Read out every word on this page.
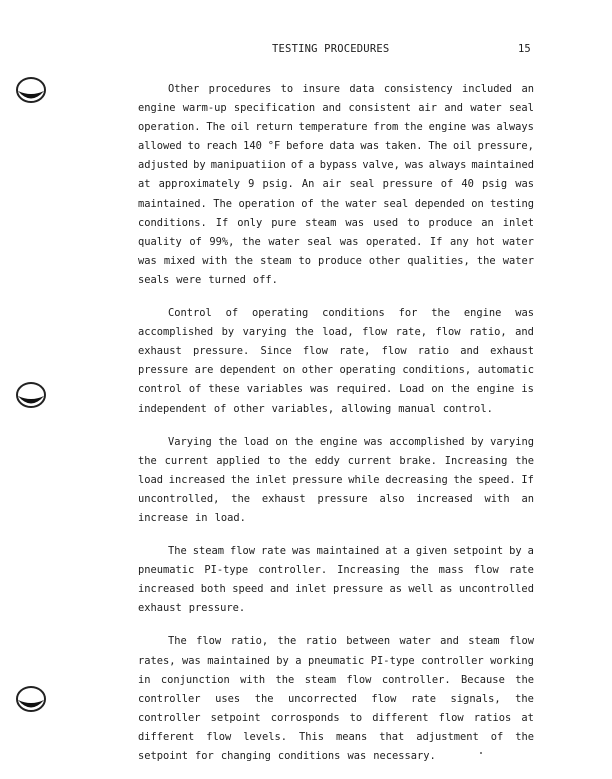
TESTING PROCEDURES	15
Other procedures to insure data consistency included an
engine warm-up specification and consistent air and water seal
operation. The oil return temperature from the engine was always
allowed to reach 140 °F before data was taken. The oil pressure,
adjusted by manipuatiion of a bypass valve, was always maintained
at approximately 9 psig. An air seal pressure of 40 psig was
maintained. The operation of the water seal depended on testing
conditions. If only pure steam was used to produce an inlet
quality of 99%, the water seal was operated. If any hot water
was mixed with the steam to produce other qualities, the water
seals were turned off.
Control of operating conditions for the engine was
accomplished by varying the load, flow rate, flow ratio, and
exhaust pressure. Since flow rate, flow ratio and exhaust
pressure are dependent on other operating conditions, automatic
control of these variables was required. Load on the engine is
independent of other variables, allowing manual control.
Varying the load on the engine was accomplished by varying
the current applied to the eddy current brake. Increasing the
load increased the inlet pressure while decreasing the speed. If
uncontrolled, the exhaust pressure also increased with an
increase in load.
The steam flow rate was maintained at a given setpoint by a
pneumatic PI-type controller. Increasing the mass flow rate
increased both speed and inlet pressure as well as uncontrolled
exhaust pressure.
The flow ratio, the ratio between water and steam flow
rates, was maintained by a pneumatic PI-type controller working
in conjunction with the steam flow controller. Because the
controller uses the uncorrected flow rate signals, the
controller setpoint corrosponds to different flow ratios at
different flow levels. This means that adjustment of the
setpoint for changing conditions was necessary.
